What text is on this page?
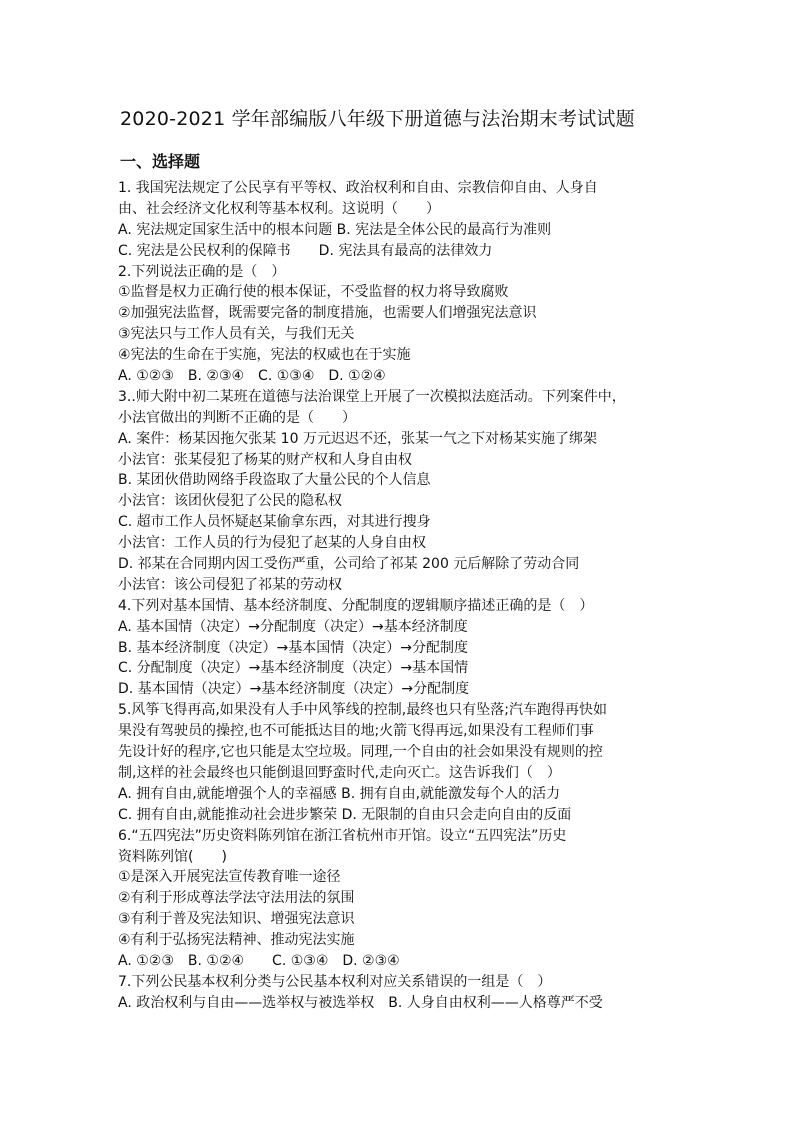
2020-2021 学年部编版八年级下册道德与法治期末考试试题
一、选择题
1. 我国宪法规定了公民享有平等权、政治权利和自由、宗教信仰自由、人身自
由、社会经济文化权利等基本权利。这说明（　　）
A. 宪法规定国家生活中的根本问题 B. 宪法是全体公民的最高行为准则
C. 宪法是公民权利的保障书　　D. 宪法具有最高的法律效力
2.下列说法正确的是（　）
①监督是权力正确行使的根本保证，不受监督的权力将导致腐败
②加强宪法监督，既需要完备的制度措施，也需要人们增强宪法意识
③宪法只与工作人员有关，与我们无关
④宪法的生命在于实施，宪法的权威也在于实施
A. ①②③　B. ②③④　C. ①③④　D. ①②④
3..师大附中初二某班在道德与法治课堂上开展了一次模拟法庭活动。下列案件中，
小法官做出的判断不正确的是（　　）
A. 案件：杨某因拖欠张某 10 万元迟迟不还，张某一气之下对杨某实施了绑架
小法官：张某侵犯了杨某的财产权和人身自由权
B. 某团伙借助网络手段盗取了大量公民的个人信息
小法官：该团伙侵犯了公民的隐私权
C. 超市工作人员怀疑赵某偷拿东西，对其进行搜身
小法官：工作人员的行为侵犯了赵某的人身自由权
D. 祁某在合同期内因工受伤严重，公司给了祁某 200 元后解除了劳动合同
小法官：该公司侵犯了祁某的劳动权
4.下列对基本国情、基本经济制度、分配制度的逻辑顺序描述正确的是（　）
A. 基本国情（决定）→分配制度（决定）→基本经济制度
B. 基本经济制度（决定）→基本国情（决定）→分配制度
C. 分配制度（决定）→基本经济制度（决定）→基本国情
D. 基本国情（决定）→基本经济制度（决定）→分配制度
5.风筝飞得再高,如果没有人手中风筝线的控制,最终也只有坠落;汽车跑得再快如
果没有驾驶员的操控,也不可能抵达目的地;火箭飞得再远,如果没有工程师们事
先设计好的程序,它也只能是太空垃圾。同理,一个自由的社会如果没有规则的控
制,这样的社会最终也只能倒退回野蛮时代,走向灭亡。这告诉我们（　）
A. 拥有自由,就能增强个人的幸福感 B. 拥有自由,就能激发每个人的活力
C. 拥有自由,就能推动社会进步繁荣 D. 无限制的自由只会走向自由的反面
6.“五四宪法”历史资料陈列馆在浙江省杭州市开馆。设立“五四宪法”历史
资料陈列馆(　　)
①是深入开展宪法宣传教育唯一途径
②有利于形成尊法学法守法用法的氛围
③有利于普及宪法知识、增强宪法意识
④有利于弘扬宪法精神、推动宪法实施
A. ①②③　B. ①②④　　C. ①③④　D. ②③④
7.下列公民基本权利分类与公民基本权利对应关系错误的一组是（　）
A. 政治权利与自由——选举权与被选举权　B. 人身自由权利——人格尊严不受
